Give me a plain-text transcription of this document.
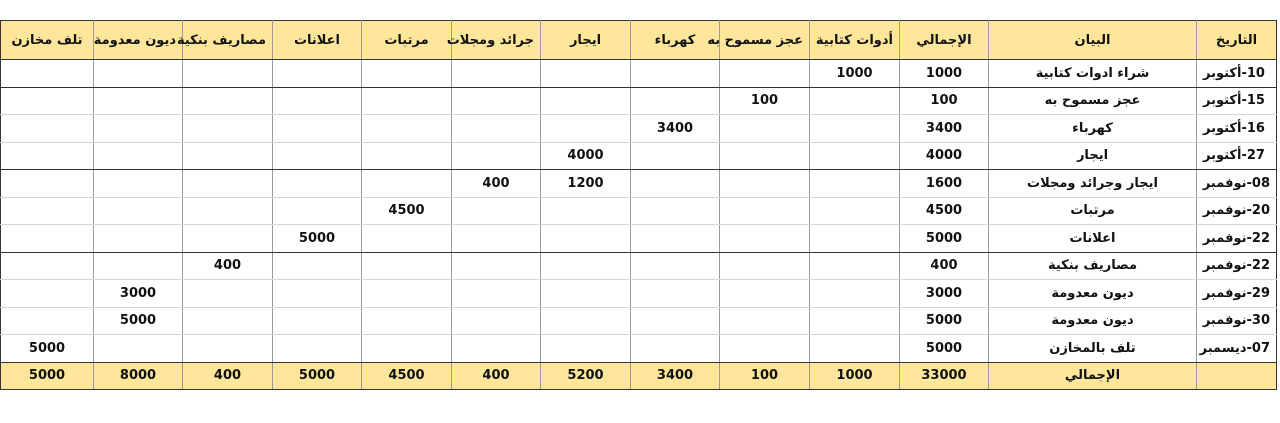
التاريخ	البيان	الإجمالي	أدوات كتابية	عجز مسموح به	كهرباء	ايجار	جرائد ومجلات	مرتبات	اعلانات	مصاريف بنكية	ديون معدومة	تلف مخازن
10-أكتوبر	شراء ادوات كتابية	1000	1000									
15-أكتوبر	عجز مسموح به	100		100								
16-أكتوبر	كهرباء	3400			3400							
27-أكتوبر	ايجار	4000				4000						
08-نوفمبر	ايجار وجرائد ومجلات	1600				1200	400					
20-نوفمبر	مرتبات	4500						4500				
22-نوفمبر	اعلانات	5000							5000			
22-نوفمبر	مصاريف بنكية	400								400		
29-نوفمبر	ديون معدومة	3000									3000	
30-نوفمبر	ديون معدومة	5000									5000	
07-ديسمبر	تلف بالمخازن	5000										5000
	الإجمالي	33000	1000	100	3400	5200	400	4500	5000	400	8000	5000
